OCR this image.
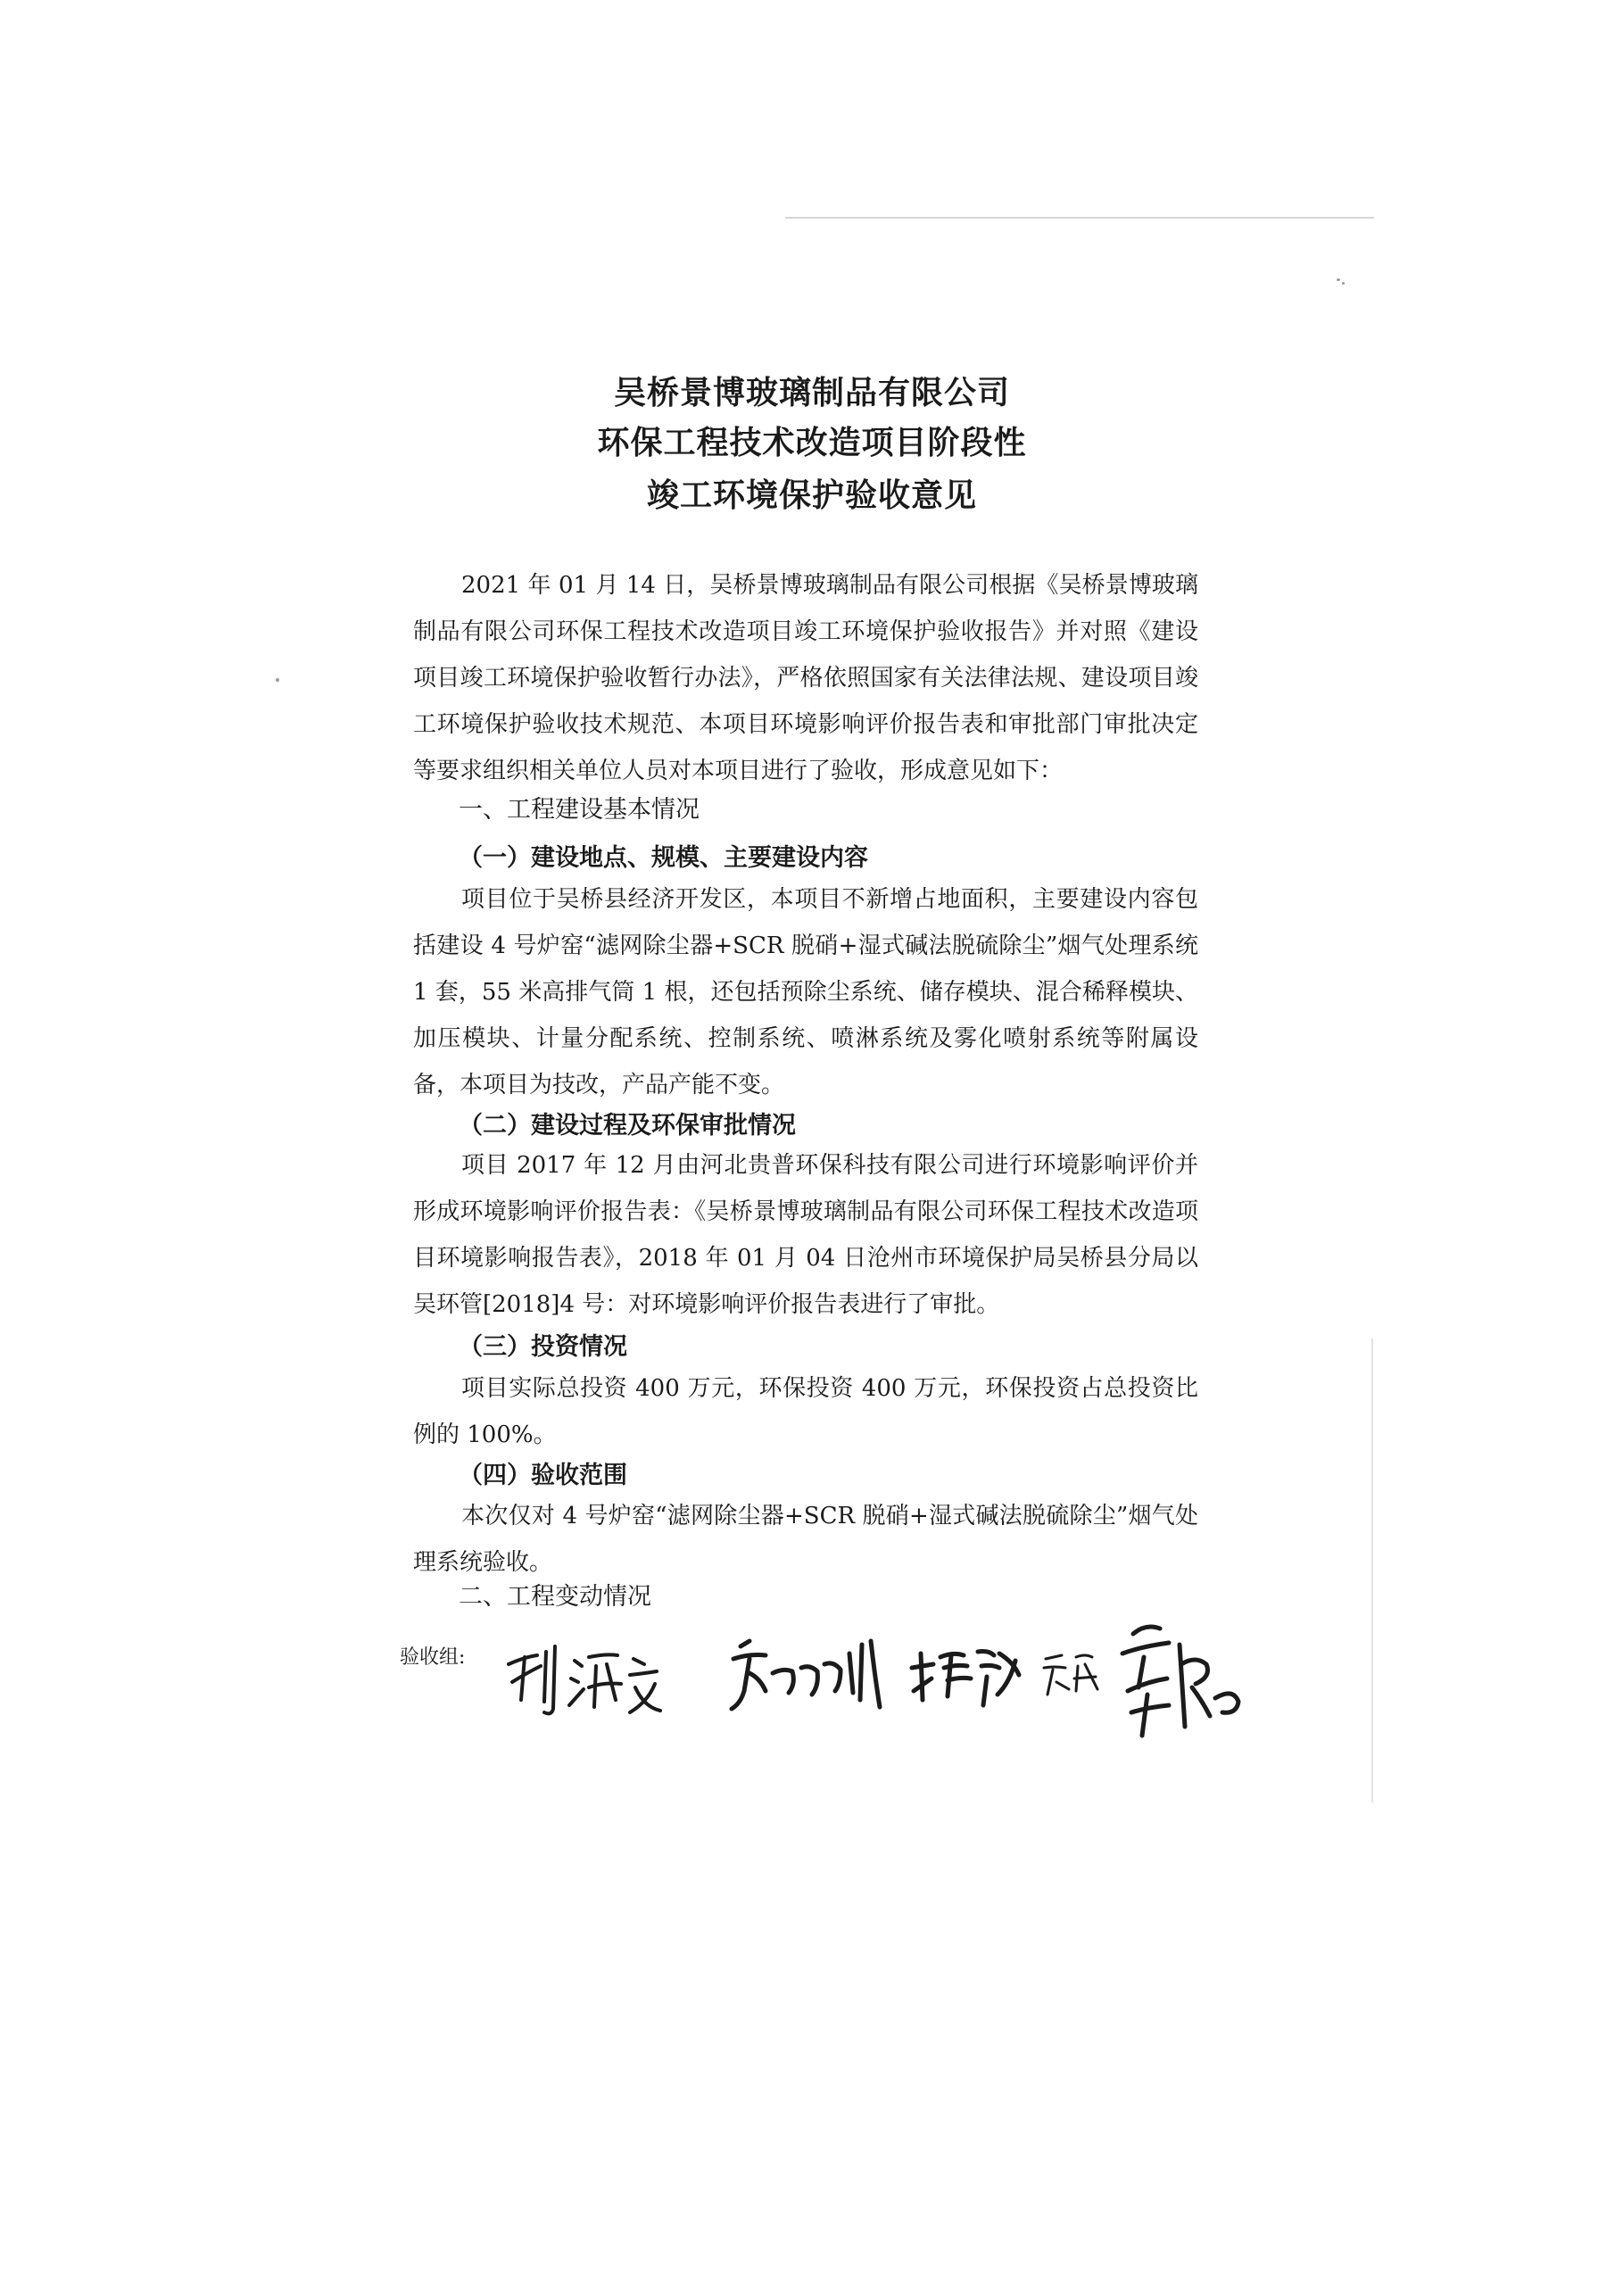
吴桥景博玻璃制品有限公司
环保工程技术改造项目阶段性
竣工环境保护验收意见

2021 年 01 月 14 日，吴桥景博玻璃制品有限公司根据《吴桥景博玻璃制品有限公司环保工程技术改造项目竣工环境保护验收报告》并对照《建设项目竣工环境保护验收暂行办法》，严格依照国家有关法律法规、建设项目竣工环境保护验收技术规范、本项目环境影响评价报告表和审批部门审批决定等要求组织相关单位人员对本项目进行了验收，形成意见如下：

一、工程建设基本情况
（一）建设地点、规模、主要建设内容

项目位于吴桥县经济开发区，本项目不新增占地面积，主要建设内容包括建设 4 号炉窑“滤网除尘器+SCR 脱硝+湿式碱法脱硫除尘”烟气处理系统 1 套，55 米高排气筒 1 根，还包括预除尘系统、储存模块、混合稀释模块、加压模块、计量分配系统、控制系统、喷淋系统及雾化喷射系统等附属设备，本项目为技改，产品产能不变。

（二）建设过程及环保审批情况

项目 2017 年 12 月由河北贵普环保科技有限公司进行环境影响评价并形成环境影响评价报告表：《吴桥景博玻璃制品有限公司环保工程技术改造项目环境影响报告表》，2018 年 01 月 04 日沧州市环境保护局吴桥县分局以吴环管[2018]4 号：对环境影响评价报告表进行了审批。

（三）投资情况

项目实际总投资 400 万元，环保投资 400 万元，环保投资占总投资比例的 100%。

（四）验收范围

本次仅对 4 号炉窑“滤网除尘器+SCR 脱硝+湿式碱法脱硫除尘”烟气处理系统验收。

二、工程变动情况
验收组:
